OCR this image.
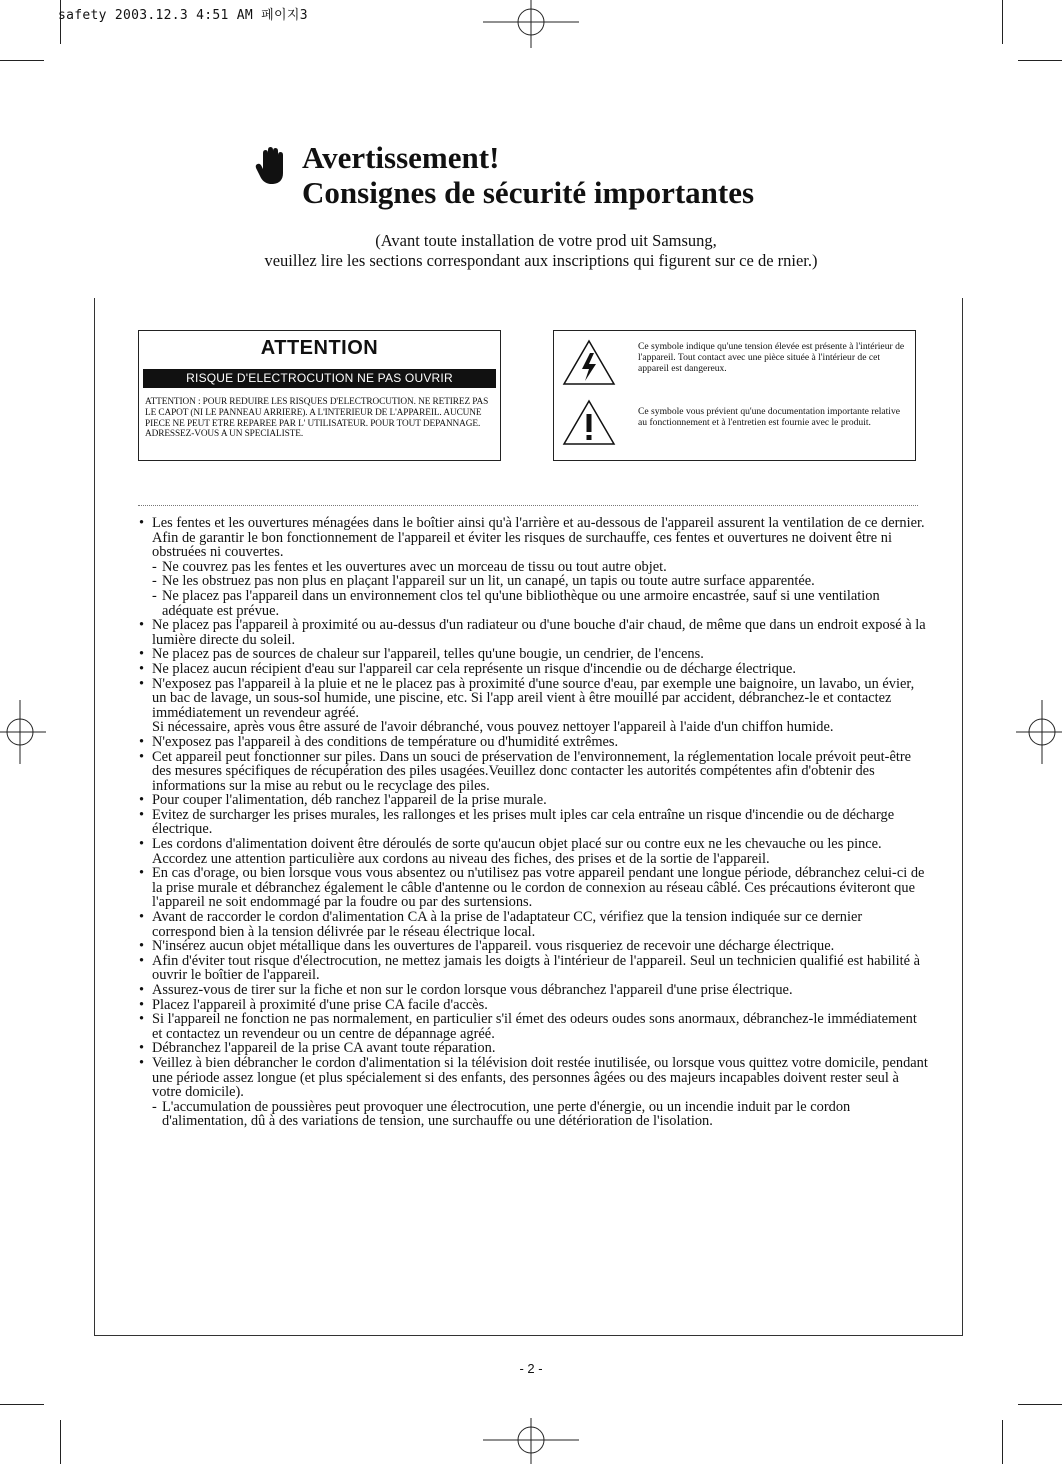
safety 2003.12.3 4:51 AM 페이지3
Avertissement!
Consignes de sécurité importantes
(Avant toute installation de votre prod uit Samsung,
veuillez lire les sections correspondant aux inscriptions qui figurent sur ce de rnier.)
ATTENTION
RISQUE D'ELECTROCUTION NE PAS OUVRIR
ATTENTION : POUR REDUIRE LES RISQUES D'ELECTROCUTION. NE RETIREZ PAS LE CAPOT (NI LE PANNEAU ARRIERE). A L'INTERIEUR DE L'APPAREIL. AUCUNE PIECE NE PEUT ETRE REPAREE PAR L' UTILISATEUR. POUR TOUT DEPANNAGE. ADRESSEZ-VOUS A UN SPECIALISTE.
Ce symbole indique qu'une tension élevée est présente à l'intérieur de l'appareil. Tout contact avec une pièce située à l'intérieur de cet appareil est dangereux.
Ce symbole vous prévient qu'une documentation importante relative au fonctionnement et à l'entretien est fournie avec le produit.
• Les fentes et les ouvertures ménagées dans le boîtier ainsi qu'à l'arrière et au-dessous de l'appareil assurent la ventilation de ce dernier.
Afin de garantir le bon fonctionnement de l'appareil et éviter les risques de surchauffe, ces fentes et ouvertures ne doivent être ni obstruées ni couvertes.
- Ne couvrez pas les fentes et les ouvertures avec un morceau de tissu ou tout autre objet.
- Ne les obstruez pas non plus en plaçant l'appareil sur un lit, un canapé, un tapis ou toute autre surface apparentée.
- Ne placez pas l'appareil dans un environnement clos tel qu'une bibliothèque ou une armoire encastrée, sauf si une ventilation adéquate est prévue.
• Ne placez pas l'appareil à proximité ou au-dessus d'un radiateur ou d'une bouche d'air chaud, de même que dans un endroit exposé à la lumière directe du soleil.
• Ne placez pas de sources de chaleur sur l'appareil, telles qu'une bougie, un cendrier, de l'encens.
• Ne placez aucun récipient d'eau sur l'appareil car cela représente un risque d'incendie ou de décharge électrique.
• N'exposez pas l'appareil à la pluie et ne le placez pas à proximité d'une source d'eau, par exemple une baignoire, un lavabo, un évier, un bac de lavage, un sous-sol humide, une piscine, etc. Si l'app areil vient à être mouillé par accident, débranchez-le et contactez immédiatement un revendeur agréé.
Si nécessaire, après vous être assuré de l'avoir débranché, vous pouvez nettoyer l'appareil à l'aide d'un chiffon humide.
• N'exposez pas l'appareil à des conditions de température ou d'humidité extrêmes.
• Cet appareil peut fonctionner sur piles. Dans un souci de préservation de l'environnement, la réglementation locale prévoit peut-être des mesures spécifiques de récupération des piles usagées.Veuillez donc contacter les autorités compétentes afin d'obtenir des informations sur la mise au rebut ou le recyclage des piles.
• Pour couper l'alimentation, déb ranchez l'appareil de la prise murale.
• Evitez de surcharger les prises murales, les rallonges et les prises mult iples car cela entraîne un risque d'incendie ou de décharge électrique.
• Les cordons d'alimentation doivent être déroulés de sorte qu'aucun objet placé sur ou contre eux ne les chevauche ou les pince. Accordez une attention particulière aux cordons au niveau des fiches, des prises et de la sortie de l'appareil.
• En cas d'orage, ou bien lorsque vous vous absentez ou n'utilisez pas votre appareil pendant une longue période, débranchez celui-ci de la prise murale et débranchez également le câble d'antenne ou le cordon de connexion au réseau câblé. Ces précautions éviteront que l'appareil ne soit endommagé par la foudre ou par des surtensions.
• Avant de raccorder le cordon d'alimentation CA à la prise de l'adaptateur CC, vérifiez que la tension indiquée sur ce dernier correspond bien à la tension délivrée par le réseau électrique local.
• N'insérez aucun objet métallique dans les ouvertures de l'appareil. vous risqueriez de recevoir une décharge électrique.
• Afin d'éviter tout risque d'électrocution, ne mettez jamais les doigts à l'intérieur de l'appareil. Seul un technicien qualifié est habilité à ouvrir le boîtier de l'appareil.
• Assurez-vous de tirer sur la fiche et non sur le cordon lorsque vous débranchez l'appareil d'une prise électrique.
• Placez l'appareil à proximité d'une prise CA facile d'accès.
• Si l'appareil ne fonction ne pas normalement, en particulier s'il émet des odeurs oudes sons anormaux, débranchez-le immédiatement et contactez un revendeur ou un centre de dépannage agréé.
• Débranchez l'appareil de la prise CA avant toute réparation.
• Veillez à bien débrancher le cordon d'alimentation si la télévision doit restée inutilisée, ou lorsque vous quittez votre domicile, pendant une période assez longue (et plus spécialement si des enfants, des personnes âgées ou des majeurs incapables doivent rester seul à votre domicile).
- L'accumulation de poussières peut provoquer une électrocution, une perte d'énergie, ou un incendie induit par le cordon d'alimentation, dû à des variations de tension, une surchauffe ou une détérioration de l'isolation.
- 2 -
